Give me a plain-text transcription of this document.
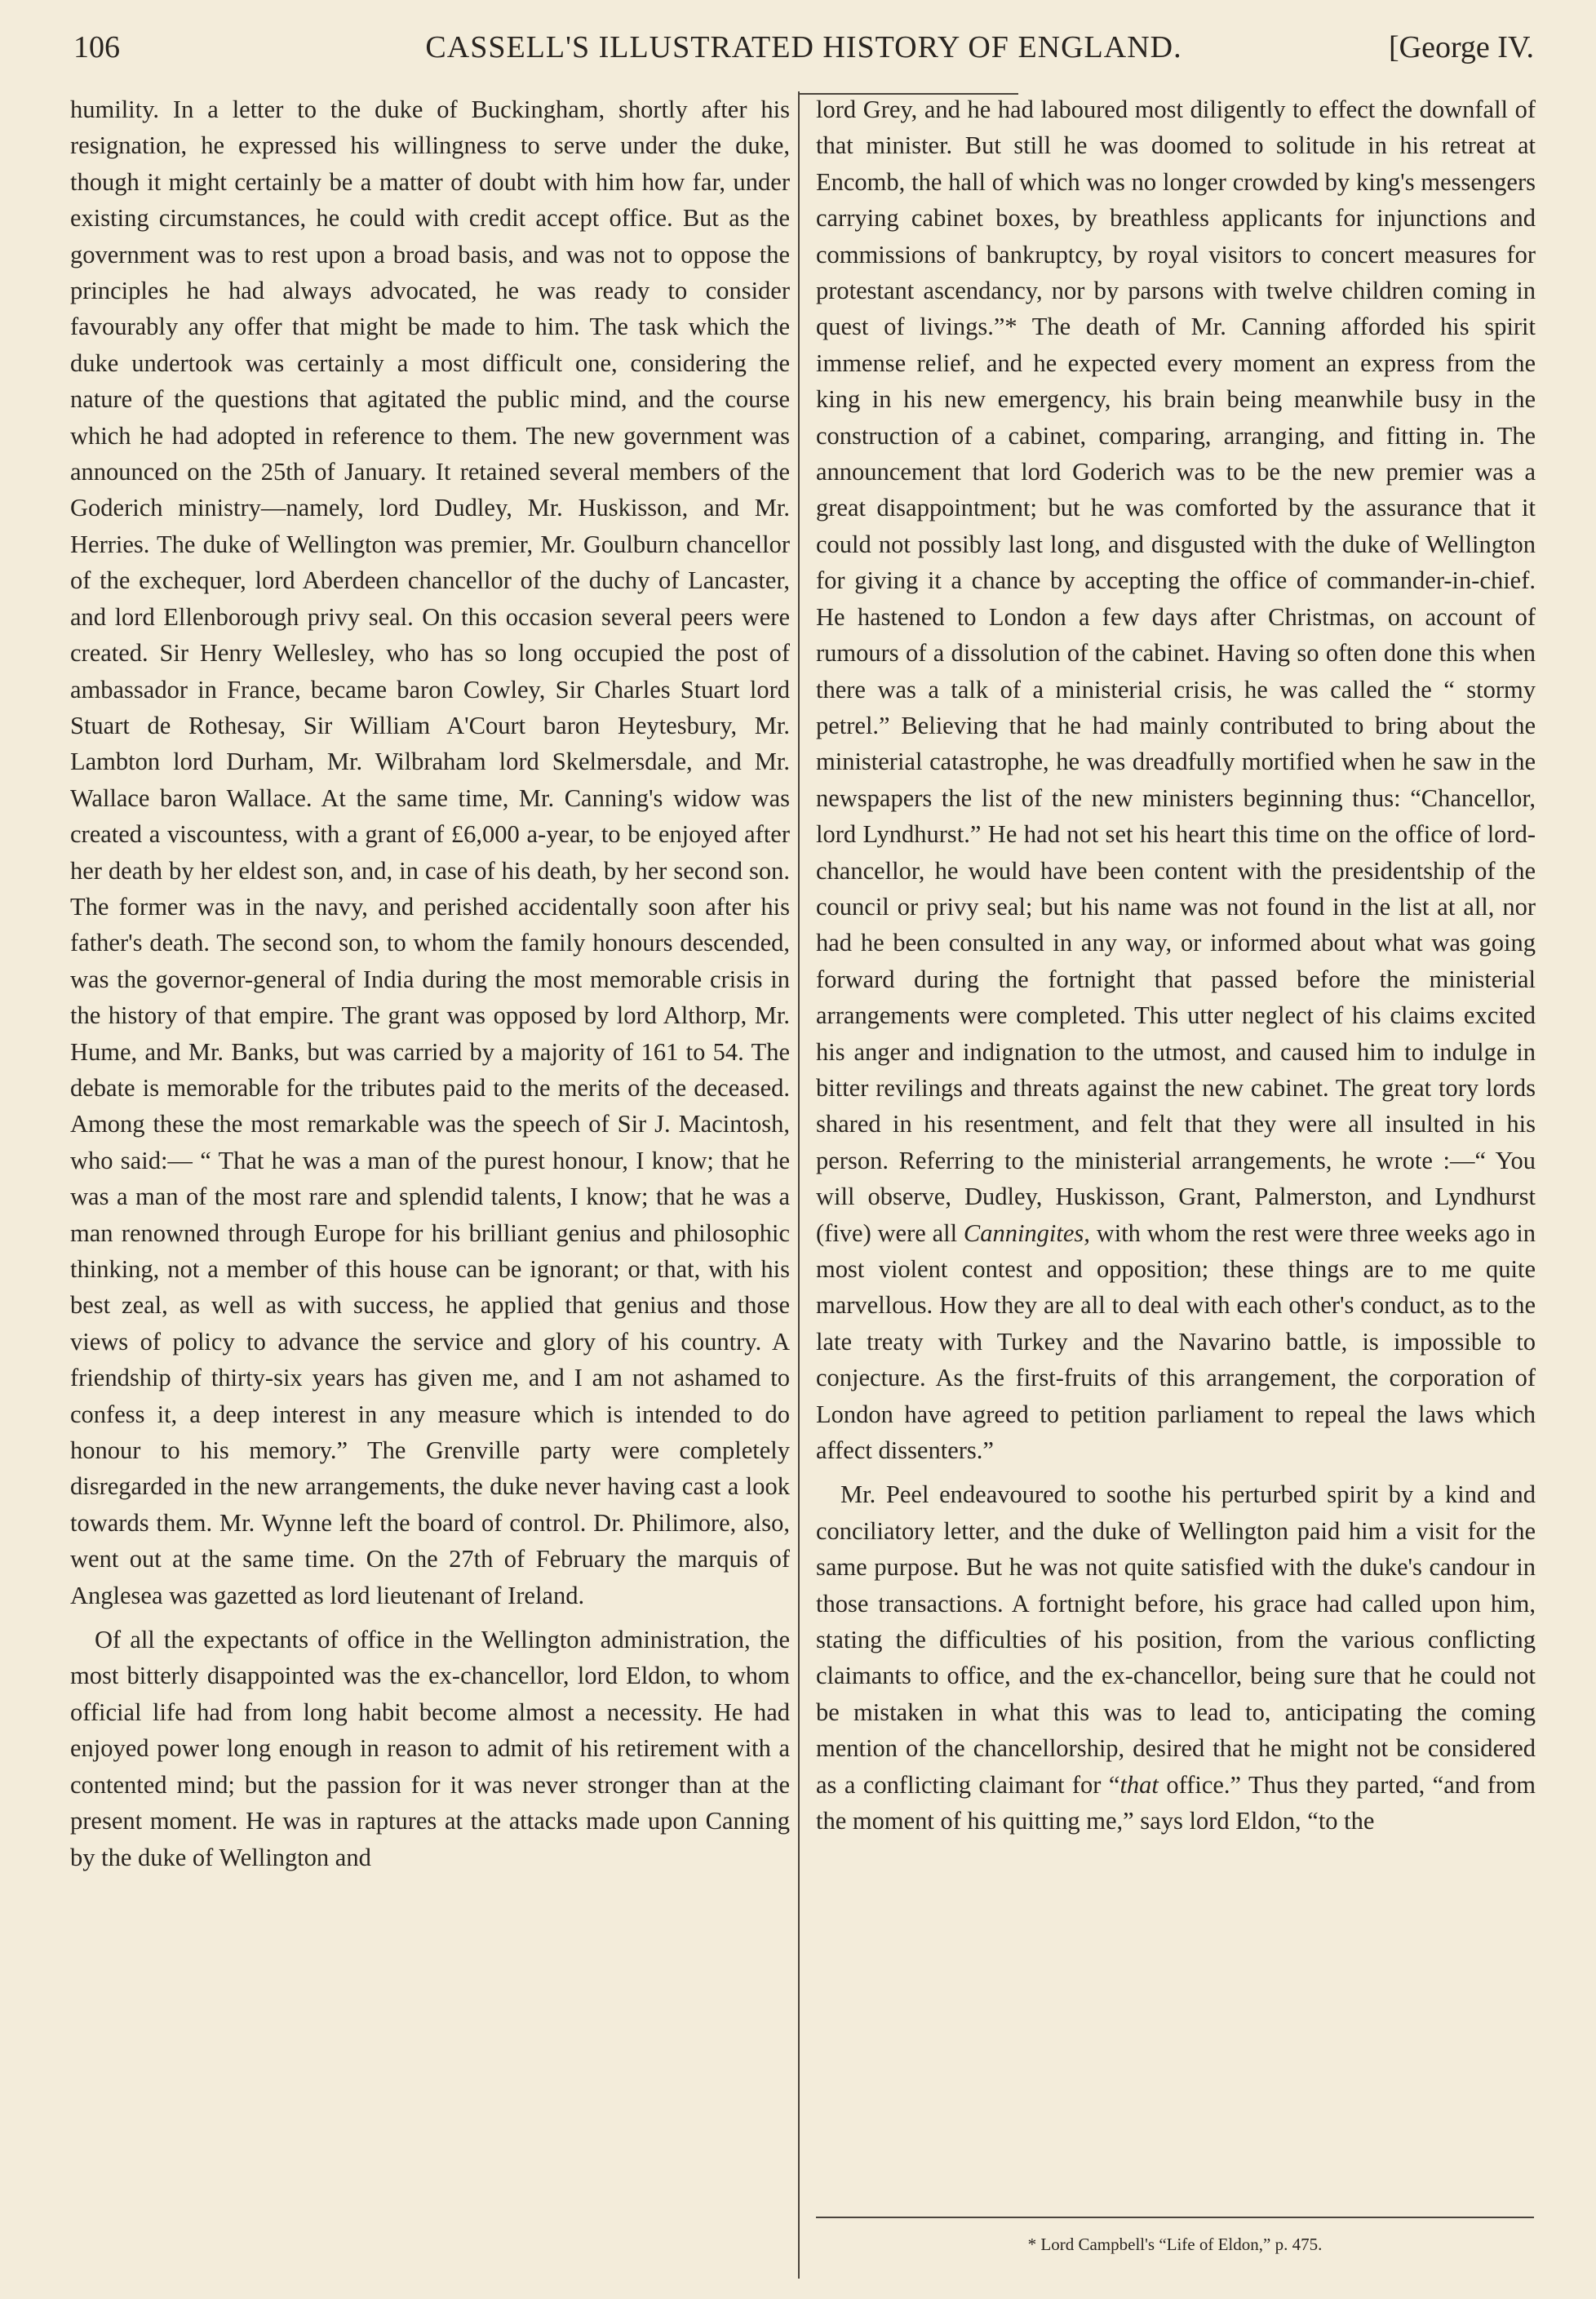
106	CASSELL'S ILLUSTRATED HISTORY OF ENGLAND.	[George IV.

humility. In a letter to the duke of Buckingham, shortly after his resignation, he expressed his willingness to serve under the duke, though it might certainly be a matter of doubt with him how far, under existing circumstances, he could with credit accept office. But as the government was to rest upon a broad basis, and was not to oppose the principles he had always advocated, he was ready to consider favourably any offer that might be made to him. The task which the duke undertook was certainly a most difficult one, considering the nature of the questions that agitated the public mind, and the course which he had adopted in reference to them. The new government was announced on the 25th of January. It retained several members of the Goderich ministry—namely, lord Dudley, Mr. Huskisson, and Mr. Herries. The duke of Wellington was premier, Mr. Goulburn chancellor of the exchequer, lord Aberdeen chancellor of the duchy of Lancaster, and lord Ellenborough privy seal. On this occasion several peers were created. Sir Henry Wellesley, who has so long occupied the post of ambassador in France, became baron Cowley, Sir Charles Stuart lord Stuart de Rothesay, Sir William A'Court baron Heytesbury, Mr. Lambton lord Durham, Mr. Wilbraham lord Skelmersdale, and Mr. Wallace baron Wallace. At the same time, Mr. Canning's widow was created a viscountess, with a grant of £6,000 a-year, to be enjoyed after her death by her eldest son, and, in case of his death, by her second son. The former was in the navy, and perished accidentally soon after his father's death. The second son, to whom the family honours descended, was the governor-general of India during the most memorable crisis in the history of that empire. The grant was opposed by lord Althorp, Mr. Hume, and Mr. Banks, but was carried by a majority of 161 to 54. The debate is memorable for the tributes paid to the merits of the deceased. Among these the most remarkable was the speech of Sir J. Macintosh, who said:— “ That he was a man of the purest honour, I know; that he was a man of the most rare and splendid talents, I know; that he was a man renowned through Europe for his brilliant genius and philosophic thinking, not a member of this house can be ignorant; or that, with his best zeal, as well as with success, he applied that genius and those views of policy to advance the service and glory of his country. A friendship of thirty-six years has given me, and I am not ashamed to confess it, a deep interest in any measure which is intended to do honour to his memory.” The Grenville party were completely disregarded in the new arrangements, the duke never having cast a look towards them. Mr. Wynne left the board of control. Dr. Philimore, also, went out at the same time. On the 27th of February the marquis of Anglesea was gazetted as lord lieutenant of Ireland.

Of all the expectants of office in the Wellington administration, the most bitterly disappointed was the ex-chancellor, lord Eldon, to whom official life had from long habit become almost a necessity. He had enjoyed power long enough in reason to admit of his retirement with a contented mind; but the passion for it was never stronger than at the present moment. He was in raptures at the attacks made upon Canning by the duke of Wellington and

lord Grey, and he had laboured most diligently to effect the downfall of that minister. But still he was doomed to solitude in his retreat at Encomb, the hall of which was no longer crowded by king's messengers carrying cabinet boxes, by breathless applicants for injunctions and commissions of bankruptcy, by royal visitors to concert measures for protestant ascendancy, nor by parsons with twelve children coming in quest of livings.”* The death of Mr. Canning afforded his spirit immense relief, and he expected every moment an express from the king in his new emergency, his brain being meanwhile busy in the construction of a cabinet, comparing, arranging, and fitting in. The announcement that lord Goderich was to be the new premier was a great disappointment; but he was comforted by the assurance that it could not possibly last long, and disgusted with the duke of Wellington for giving it a chance by accepting the office of commander-in-chief. He hastened to London a few days after Christmas, on account of rumours of a dissolution of the cabinet. Having so often done this when there was a talk of a ministerial crisis, he was called the “ stormy petrel.” Believing that he had mainly contributed to bring about the ministerial catastrophe, he was dreadfully mortified when he saw in the newspapers the list of the new ministers beginning thus: “Chancellor, lord Lyndhurst.” He had not set his heart this time on the office of lord-chancellor, he would have been content with the presidentship of the council or privy seal; but his name was not found in the list at all, nor had he been consulted in any way, or informed about what was going forward during the fortnight that passed before the ministerial arrangements were completed. This utter neglect of his claims excited his anger and indignation to the utmost, and caused him to indulge in bitter revilings and threats against the new cabinet. The great tory lords shared in his resentment, and felt that they were all insulted in his person. Referring to the ministerial arrangements, he wrote :—“ You will observe, Dudley, Huskisson, Grant, Palmerston, and Lyndhurst (five) were all Canningites, with whom the rest were three weeks ago in most violent contest and opposition; these things are to me quite marvellous. How they are all to deal with each other's conduct, as to the late treaty with Turkey and the Navarino battle, is impossible to conjecture. As the first-fruits of this arrangement, the corporation of London have agreed to petition parliament to repeal the laws which affect dissenters.”

Mr. Peel endeavoured to soothe his perturbed spirit by a kind and conciliatory letter, and the duke of Wellington paid him a visit for the same purpose. But he was not quite satisfied with the duke's candour in those transactions. A fortnight before, his grace had called upon him, stating the difficulties of his position, from the various conflicting claimants to office, and the ex-chancellor, being sure that he could not be mistaken in what this was to lead to, anticipating the coming mention of the chancellorship, desired that he might not be considered as a conflicting claimant for “that office.” Thus they parted, “and from the moment of his quitting me,” says lord Eldon, “to the

* Lord Campbell's “Life of Eldon,” p. 475.
